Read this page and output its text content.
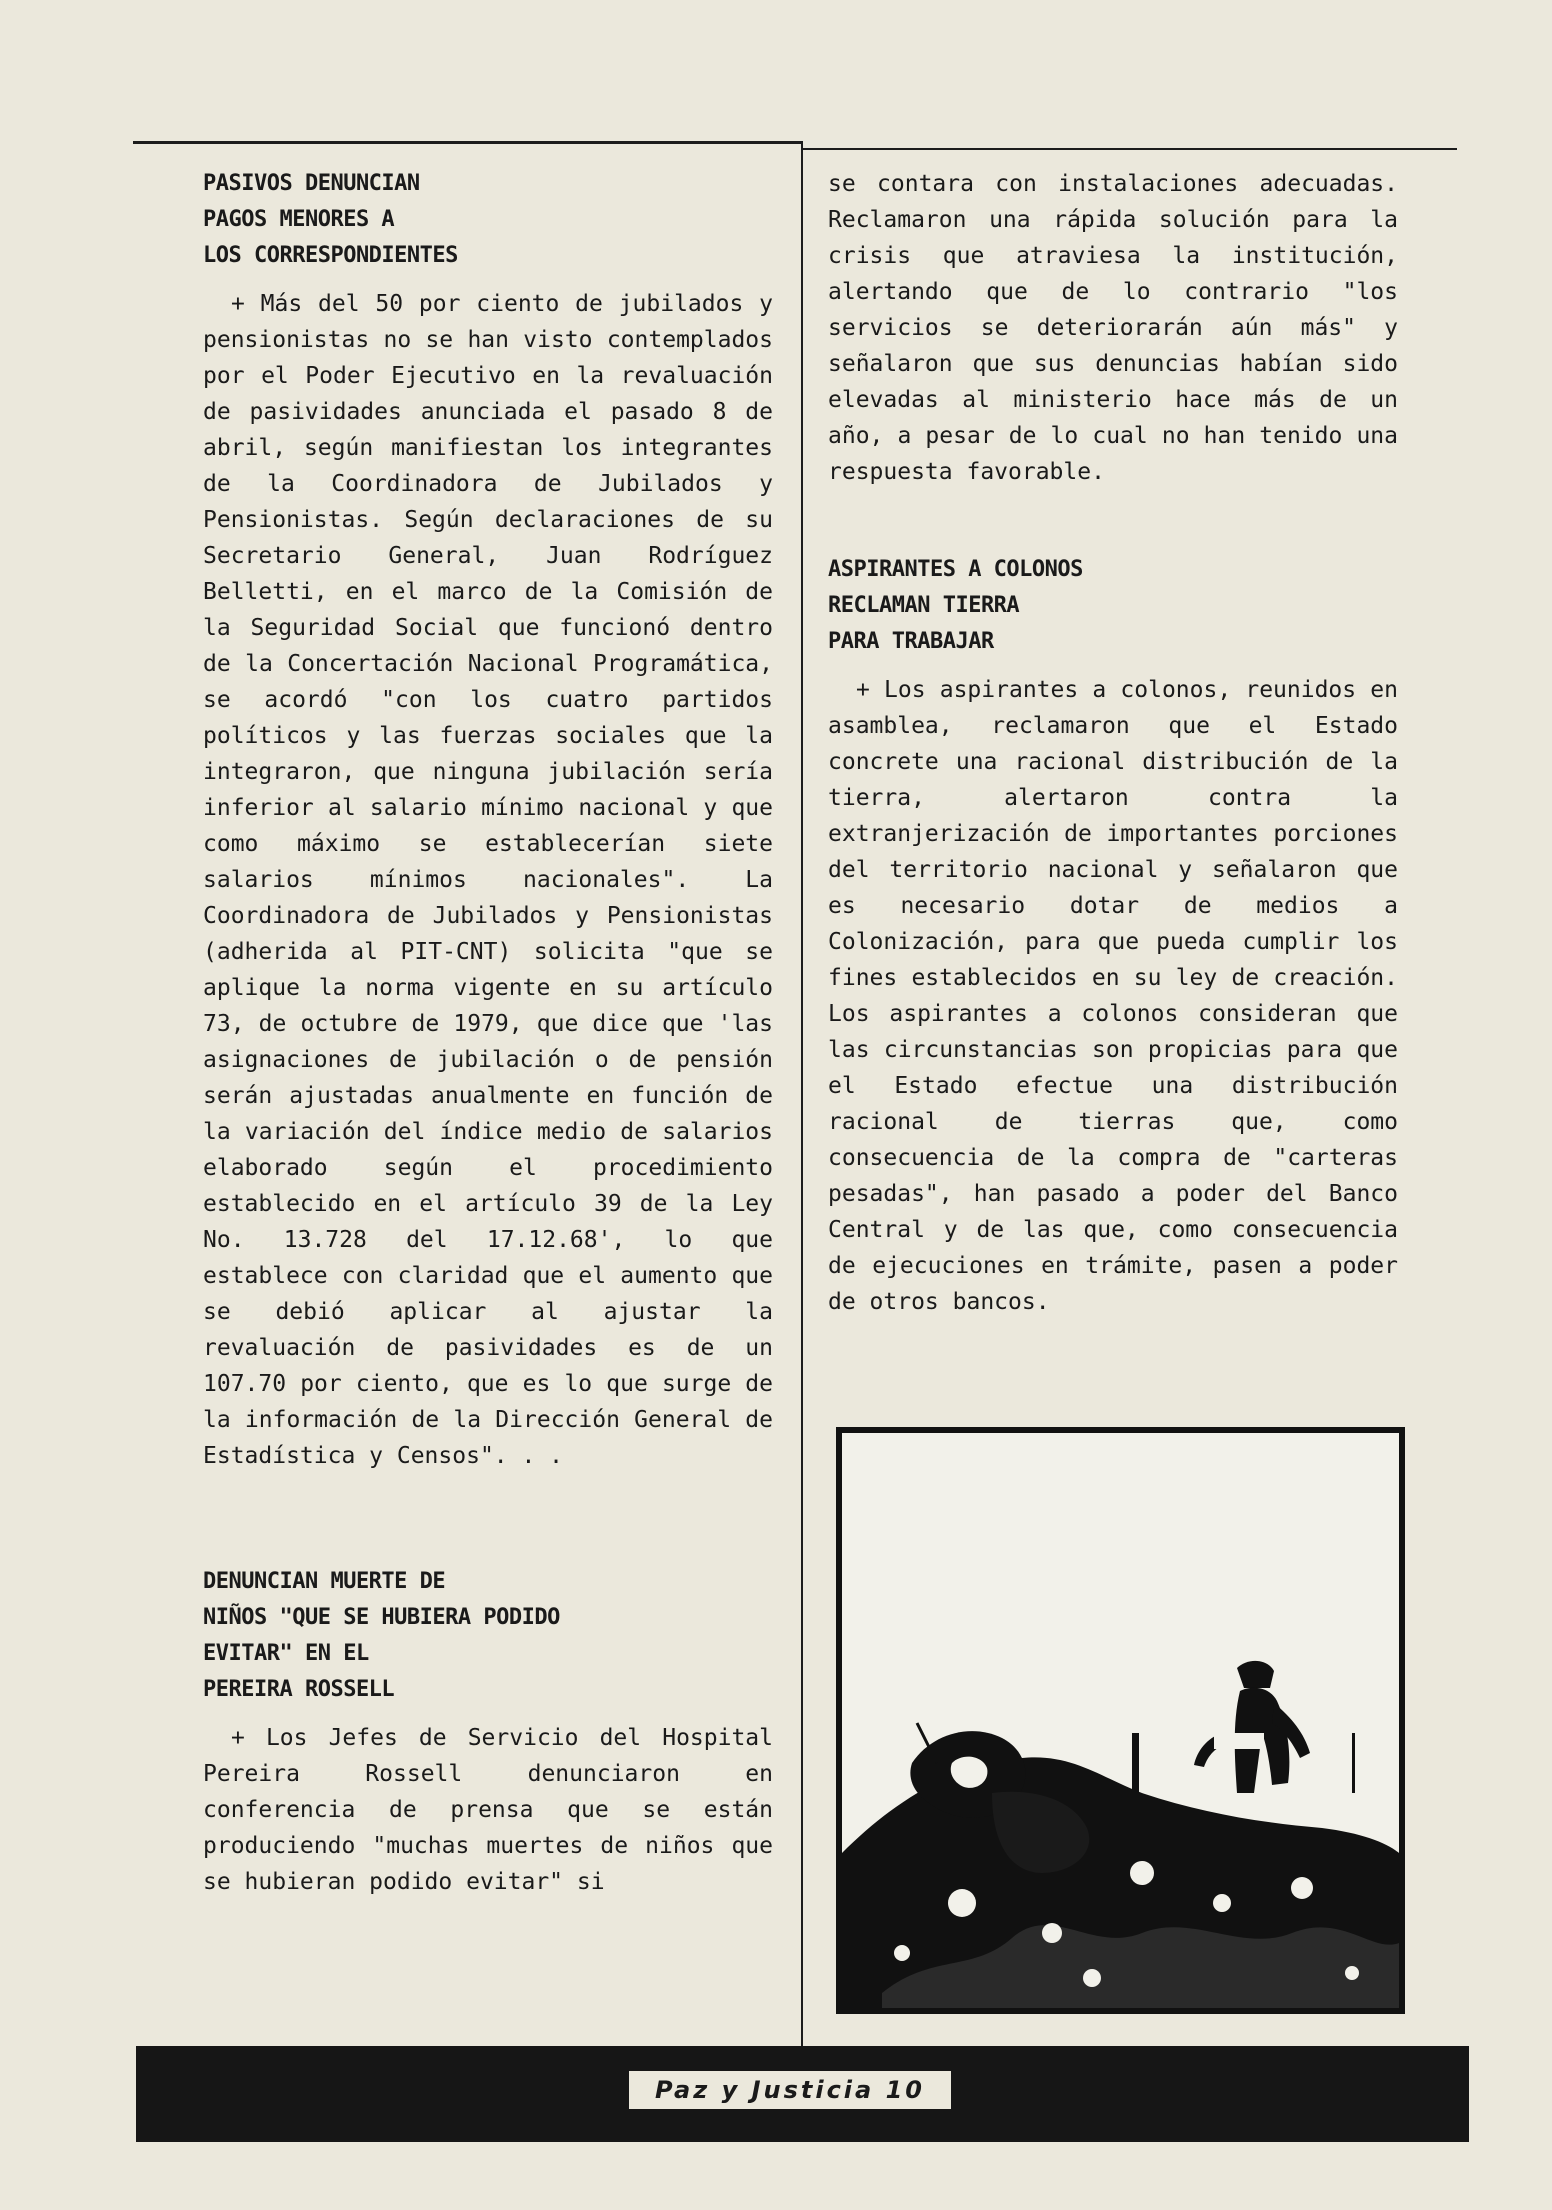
PASIVOS DENUNCIAN
PAGOS MENORES A
LOS CORRESPONDIENTES

+ Más del 50 por ciento de jubilados y pensionistas no se han visto contemplados por el Poder Ejecutivo en la revaluación de pasividades anunciada el pasado 8 de abril, según manifiestan los integrantes de la Coordinadora de Jubilados y Pensionistas. Según declaraciones de su Secretario General, Juan Rodríguez Belletti, en el marco de la Comisión de la Seguridad Social que funcionó dentro de la Concertación Nacional Programática, se acordó "con los cuatro partidos políticos y las fuerzas sociales que la integraron, que ninguna jubilación sería inferior al salario mínimo nacional y que como máximo se establecerían siete salarios mínimos nacionales". La Coordinadora de Jubilados y Pensionistas (adherida al PIT-CNT) solicita "que se aplique la norma vigente en su artículo 73, de octubre de 1979, que dice que 'las asignaciones de jubilación o de pensión serán ajustadas anualmente en función de la variación del índice medio de salarios elaborado según el procedimiento establecido en el artículo 39 de la Ley No. 13.728 del 17.12.68', lo que establece con claridad que el aumento que se debió aplicar al ajustar la revaluación de pasividades es de un 107.70 por ciento, que es lo que surge de la información de la Dirección General de Estadística y Censos". . .

DENUNCIAN MUERTE DE
NIÑOS "QUE SE HUBIERA PODIDO
EVITAR" EN EL
PEREIRA ROSSELL

+ Los Jefes de Servicio del Hospital Pereira Rossell denunciaron en conferencia de prensa que se están produciendo "muchas muertes de niños que se hubieran podido evitar" si

se contara con instalaciones adecuadas. Reclamaron una rápida solución para la crisis que atraviesa la institución, alertando que de lo contrario "los servicios se deteriorarán aún más" y señalaron que sus denuncias habían sido elevadas al ministerio hace más de un año, a pesar de lo cual no han tenido una respuesta favorable.

ASPIRANTES A COLONOS
RECLAMAN TIERRA
PARA TRABAJAR

+ Los aspirantes a colonos, reunidos en asamblea, reclamaron que el Estado concrete una racional distribución de la tierra, alertaron contra la extranjerización de importantes porciones del territorio nacional y señalaron que es necesario dotar de medios a Colonización, para que pueda cumplir los fines establecidos en su ley de creación. Los aspirantes a colonos consideran que las circunstancias son propicias para que el Estado efectue una distribución racional de tierras que, como consecuencia de la compra de "carteras pesadas", han pasado a poder del Banco Central y de las que, como consecuencia de ejecuciones en trámite, pasen a poder de otros bancos.

Paz y Justicia 10
